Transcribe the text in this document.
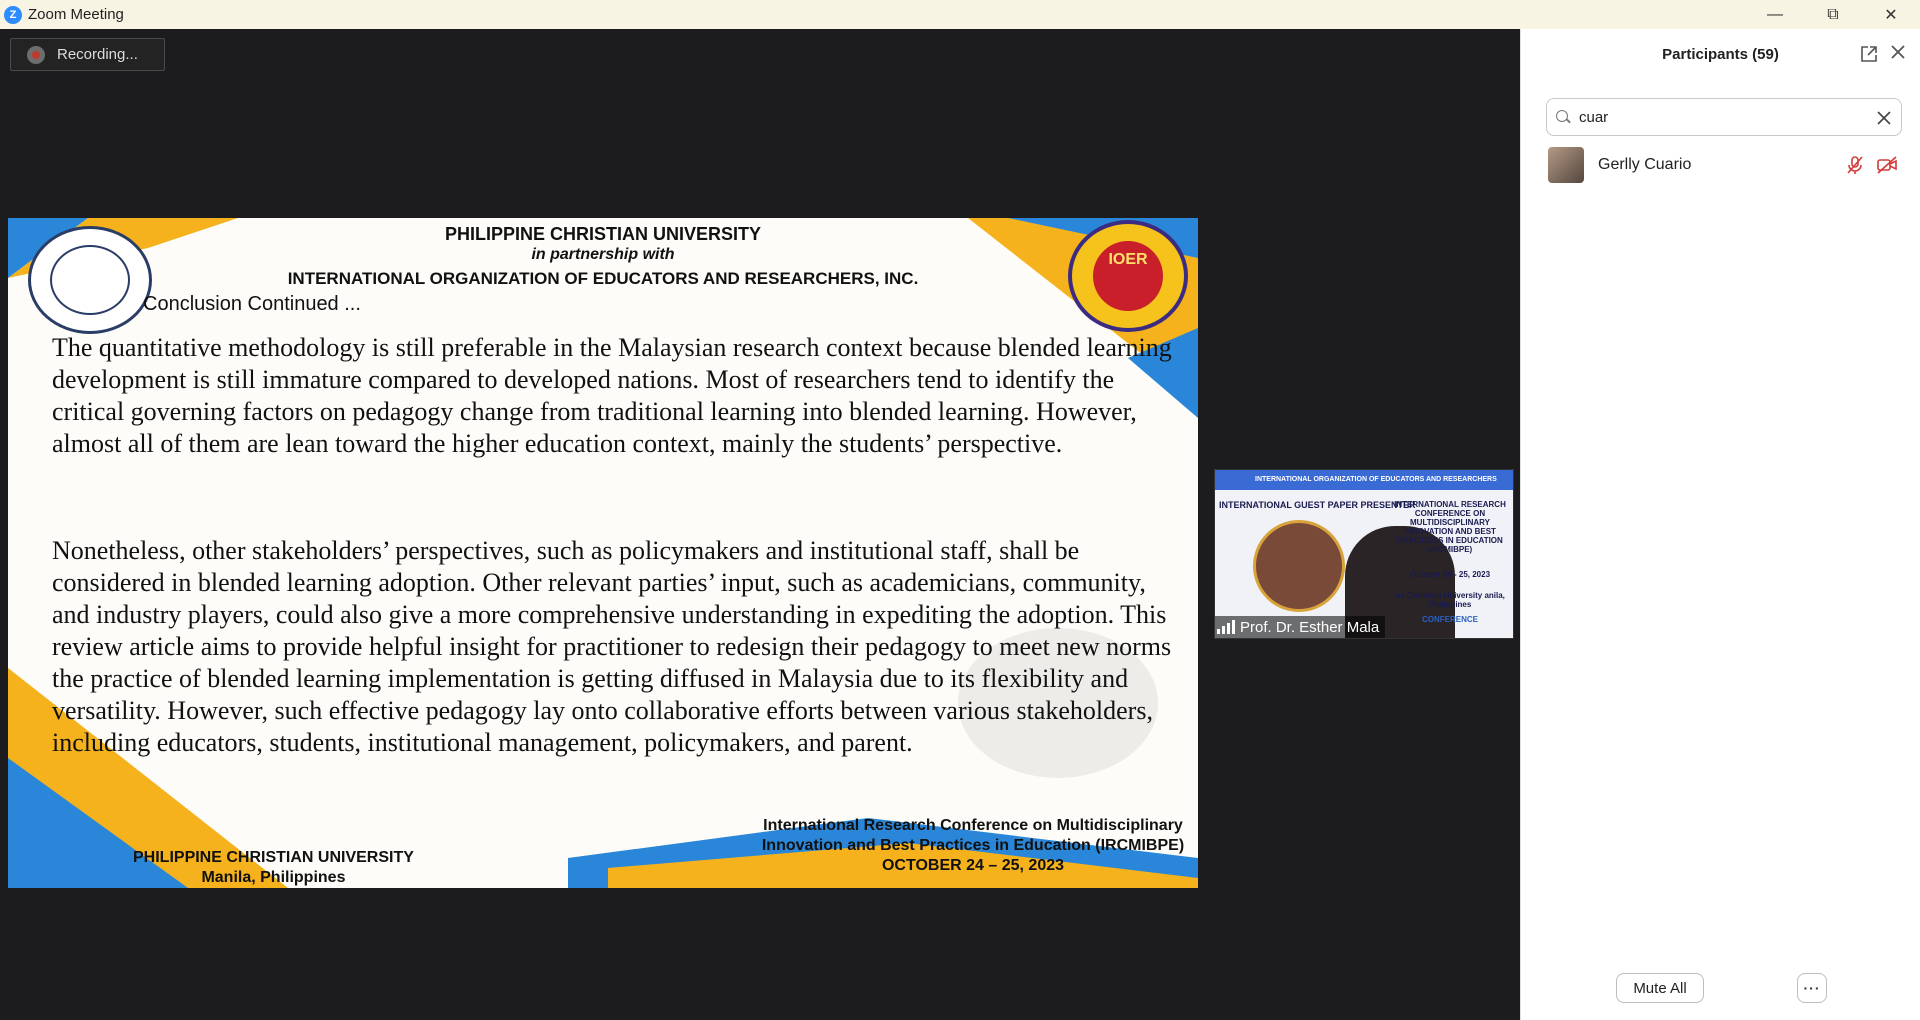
Z Zoom Meeting	—	⧉	✕
Recording...
IOER
PHILIPPINE CHRISTIAN UNIVERSITY
in partnership with
INTERNATIONAL ORGANIZATION OF EDUCATORS AND RESEARCHERS, INC.
Conclusion Continued ...
The quantitative methodology is still preferable in the Malaysian research context because blended learning development is still immature compared to developed nations. Most of researchers tend to identify the critical governing factors on pedagogy change from traditional learning into blended learning. However, almost all of them are lean toward the higher education context, mainly the students’ perspective.
Nonetheless, other stakeholders’ perspectives, such as policymakers and institutional staff, shall be considered in blended learning adoption. Other relevant parties’ input, such as academicians, community, and industry players, could also give a more comprehensive understanding in expediting the adoption. This review article aims to provide helpful insight for practitioner to redesign their pedagogy to meet new norms the practice of blended learning implementation is getting diffused in Malaysia due to its flexibility and versatility. However, such effective pedagogy lay onto collaborative efforts between various stakeholders, including educators, students, institutional management, policymakers, and parent.
PHILIPPINE CHRISTIAN UNIVERSITY
Manila, Philippines
International Research Conference on Multidisciplinary
Innovation and Best Practices in Education (IRCMIBPE)
OCTOBER 24 – 25, 2023
INTERNATIONAL ORGANIZATION OF EDUCATORS AND RESEARCHERS
INTERNATIONAL GUEST PAPER PRESENTER
INTERNATIONAL RESEARCH CONFERENCE ON MULTIDISCIPLINARY INNOVATION AND BEST PRACTICES IN EDUCATION (IRCMIBPE)
October 24 - 25, 2023
ne Christian University anila, Philippines
CONFERENCE
Prof. Dr. Esther Mala
Participants (59)
cuar
Gerlly Cuario
Mute All	···
